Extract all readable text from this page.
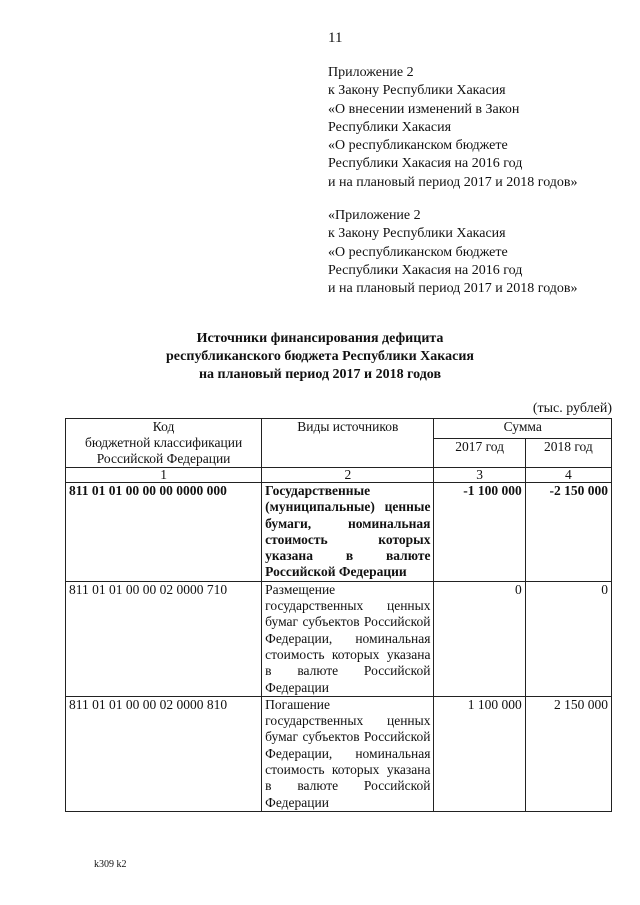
11
Приложение 2
к Закону Республики Хакасия
«О внесении изменений в Закон
Республики Хакасия
«О республиканском бюджете
Республики Хакасия на 2016 год
и на плановый период 2017 и 2018 годов»
«Приложение 2
к Закону Республики Хакасия
«О республиканском бюджете
Республики Хакасия на 2016 год
и на плановый период 2017 и 2018 годов»
Источники финансирования дефицита
республиканского бюджета Республики Хакасия
на плановый период 2017 и 2018 годов
(тыс. рублей)
Код
бюджетной классификации
Российской Федерации	Виды источников	Сумма	
		2017 год	2018 год
1	2	3	4
811 01 01 00 00 00 0000 000	Государственные (муниципальные) ценные бумаги, номинальная стоимость которых указана в валюте Российской Федерации	-1 100 000	-2 150 000
811 01 01 00 00 02 0000 710	Размещение государственных ценных бумаг субъектов Российской Федерации, номинальная стоимость которых указана в валюте Российской Федерации	0	0
811 01 01 00 00 02 0000 810	Погашение государственных ценных бумаг субъектов Российской Федерации, номинальная стоимость которых указана в валюте Российской Федерации	1 100 000	2 150 000
k309 k2
